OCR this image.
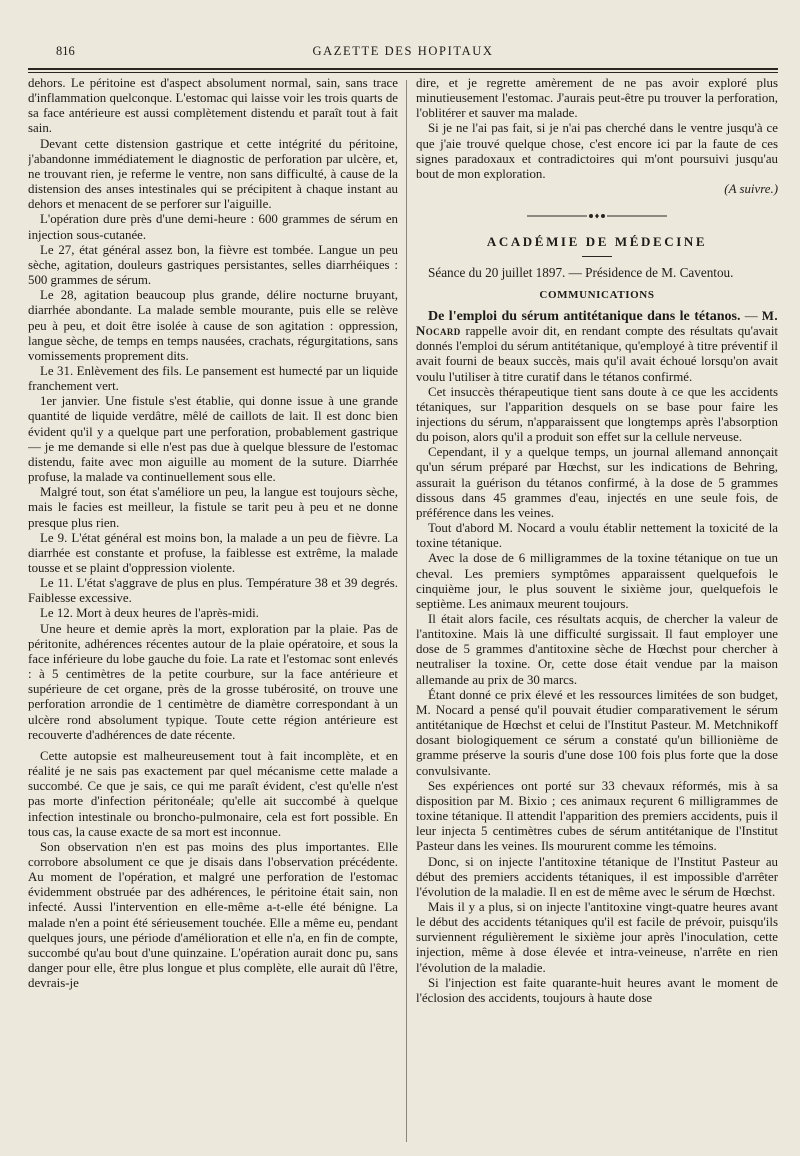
816	GAZETTE DES HOPITAUX

dehors. Le péritoine est d'aspect absolument normal, sain, sans trace d'inflammation quelconque. L'estomac qui laisse voir les trois quarts de sa face antérieure est aussi complètement distendu et paraît tout à fait sain.

Devant cette distension gastrique et cette intégrité du péritoine, j'abandonne immédiatement le diagnostic de perforation par ulcère, et, ne trouvant rien, je referme le ventre, non sans difficulté, à cause de la distension des anses intestinales qui se précipitent à chaque instant au dehors et menacent de se perforer sur l'aiguille.

L'opération dure près d'une demi-heure : 600 grammes de sérum en injection sous-cutanée.

Le 27, état général assez bon, la fièvre est tombée. Langue un peu sèche, agitation, douleurs gastriques persistantes, selles diarrhéiques : 500 grammes de sérum.

Le 28, agitation beaucoup plus grande, délire nocturne bruyant, diarrhée abondante. La malade semble mourante, puis elle se relève peu à peu, et doit être isolée à cause de son agitation : oppression, langue sèche, de temps en temps nausées, crachats, régurgitations, sans vomissements proprement dits.

Le 31. Enlèvement des fils. Le pansement est humecté par un liquide franchement vert.

1er janvier. Une fistule s'est établie, qui donne issue à une grande quantité de liquide verdâtre, mêlé de caillots de lait. Il est donc bien évident qu'il y a quelque part une perforation, probablement gastrique — je me demande si elle n'est pas due à quelque blessure de l'estomac distendu, faite avec mon aiguille au moment de la suture. Diarrhée profuse, la malade va continuellement sous elle.

Malgré tout, son état s'améliore un peu, la langue est toujours sèche, mais le facies est meilleur, la fistule se tarit peu à peu et ne donne presque plus rien.

Le 9. L'état général est moins bon, la malade a un peu de fièvre. La diarrhée est constante et profuse, la faiblesse est extrême, la malade tousse et se plaint d'oppression violente.

Le 11. L'état s'aggrave de plus en plus. Température 38 et 39 degrés. Faiblesse excessive.

Le 12. Mort à deux heures de l'après-midi.

Une heure et demie après la mort, exploration par la plaie. Pas de péritonite, adhérences récentes autour de la plaie opératoire, et sous la face inférieure du lobe gauche du foie. La rate et l'estomac sont enlevés : à 5 centimètres de la petite courbure, sur la face antérieure et supérieure de cet organe, près de la grosse tubérosité, on trouve une perforation arrondie de 1 centimètre de diamètre correspondant à un ulcère rond absolument typique. Toute cette région antérieure est recouverte d'adhérences de date récente.

Cette autopsie est malheureusement tout à fait incomplète, et en réalité je ne sais pas exactement par quel mécanisme cette malade a succombé. Ce que je sais, ce qui me paraît évident, c'est qu'elle n'est pas morte d'infection péritonéale; qu'elle ait succombé à quelque infection intestinale ou broncho-pulmonaire, cela est fort possible. En tous cas, la cause exacte de sa mort est inconnue.

Son observation n'en est pas moins des plus importantes. Elle corrobore absolument ce que je disais dans l'observation précédente. Au moment de l'opération, et malgré une perforation de l'estomac évidemment obstruée par des adhérences, le péritoine était sain, non infecté. Aussi l'intervention en elle-même a-t-elle été bénigne. La malade n'en a point été sérieusement touchée. Elle a même eu, pendant quelques jours, une période d'amélioration et elle n'a, en fin de compte, succombé qu'au bout d'une quinzaine. L'opération aurait donc pu, sans danger pour elle, être plus longue et plus complète, elle aurait dû l'être, devrais-je

dire, et je regrette amèrement de ne pas avoir exploré plus minutieusement l'estomac. J'aurais peut-être pu trouver la perforation, l'oblitérer et sauver ma malade.

Si je ne l'ai pas fait, si je n'ai pas cherché dans le ventre jusqu'à ce que j'aie trouvé quelque chose, c'est encore ici par la faute de ces signes paradoxaux et contradictoires qui m'ont poursuivi jusqu'au bout de mon exploration.

(A suivre.)

ACADÉMIE DE MÉDECINE

Séance du 20 juillet 1897. — Présidence de M. Caventou.

COMMUNICATIONS

De l'emploi du sérum antitétanique dans le tétanos. — M. Nocard rappelle avoir dit, en rendant compte des résultats qu'avait donnés l'emploi du sérum antitétanique, qu'employé à titre préventif il avait fourni de beaux succès, mais qu'il avait échoué lorsqu'on avait voulu l'utiliser à titre curatif dans le tétanos confirmé.

Cet insuccès thérapeutique tient sans doute à ce que les accidents tétaniques, sur l'apparition desquels on se base pour faire les injections du sérum, n'apparaissent que longtemps après l'absorption du poison, alors qu'il a produit son effet sur la cellule nerveuse.

Cependant, il y a quelque temps, un journal allemand annonçait qu'un sérum préparé par Hœchst, sur les indications de Behring, assurait la guérison du tétanos confirmé, à la dose de 5 grammes dissous dans 45 grammes d'eau, injectés en une seule fois, de préférence dans les veines.

Tout d'abord M. Nocard a voulu établir nettement la toxicité de la toxine tétanique.

Avec la dose de 6 milligrammes de la toxine tétanique on tue un cheval. Les premiers symptômes apparaissent quelquefois le cinquième jour, le plus souvent le sixième jour, quelquefois le septième. Les animaux meurent toujours.

Il était alors facile, ces résultats acquis, de chercher la valeur de l'antitoxine. Mais là une difficulté surgissait. Il faut employer une dose de 5 grammes d'antitoxine sèche de Hœchst pour chercher à neutraliser la toxine. Or, cette dose était vendue par la maison allemande au prix de 30 marcs.

Étant donné ce prix élevé et les ressources limitées de son budget, M. Nocard a pensé qu'il pouvait étudier comparativement le sérum antitétanique de Hœchst et celui de l'Institut Pasteur. M. Metchnikoff dosant biologiquement ce sérum a constaté qu'un billionième de gramme préserve la souris d'une dose 100 fois plus forte que la dose convulsivante.

Ses expériences ont porté sur 33 chevaux réformés, mis à sa disposition par M. Bixio ; ces animaux reçurent 6 milligrammes de toxine tétanique. Il attendit l'apparition des premiers accidents, puis il leur injecta 5 centimètres cubes de sérum antitétanique de l'Institut Pasteur dans les veines. Ils moururent comme les témoins.

Donc, si on injecte l'antitoxine tétanique de l'Institut Pasteur au début des premiers accidents tétaniques, il est impossible d'arrêter l'évolution de la maladie. Il en est de même avec le sérum de Hœchst.

Mais il y a plus, si on injecte l'antitoxine vingt-quatre heures avant le début des accidents tétaniques qu'il est facile de prévoir, puisqu'ils surviennent régulièrement le sixième jour après l'inoculation, cette injection, même à dose élevée et intra-veineuse, n'arrête en rien l'évolution de la maladie.

Si l'injection est faite quarante-huit heures avant le moment de l'éclosion des accidents, toujours à haute dose
